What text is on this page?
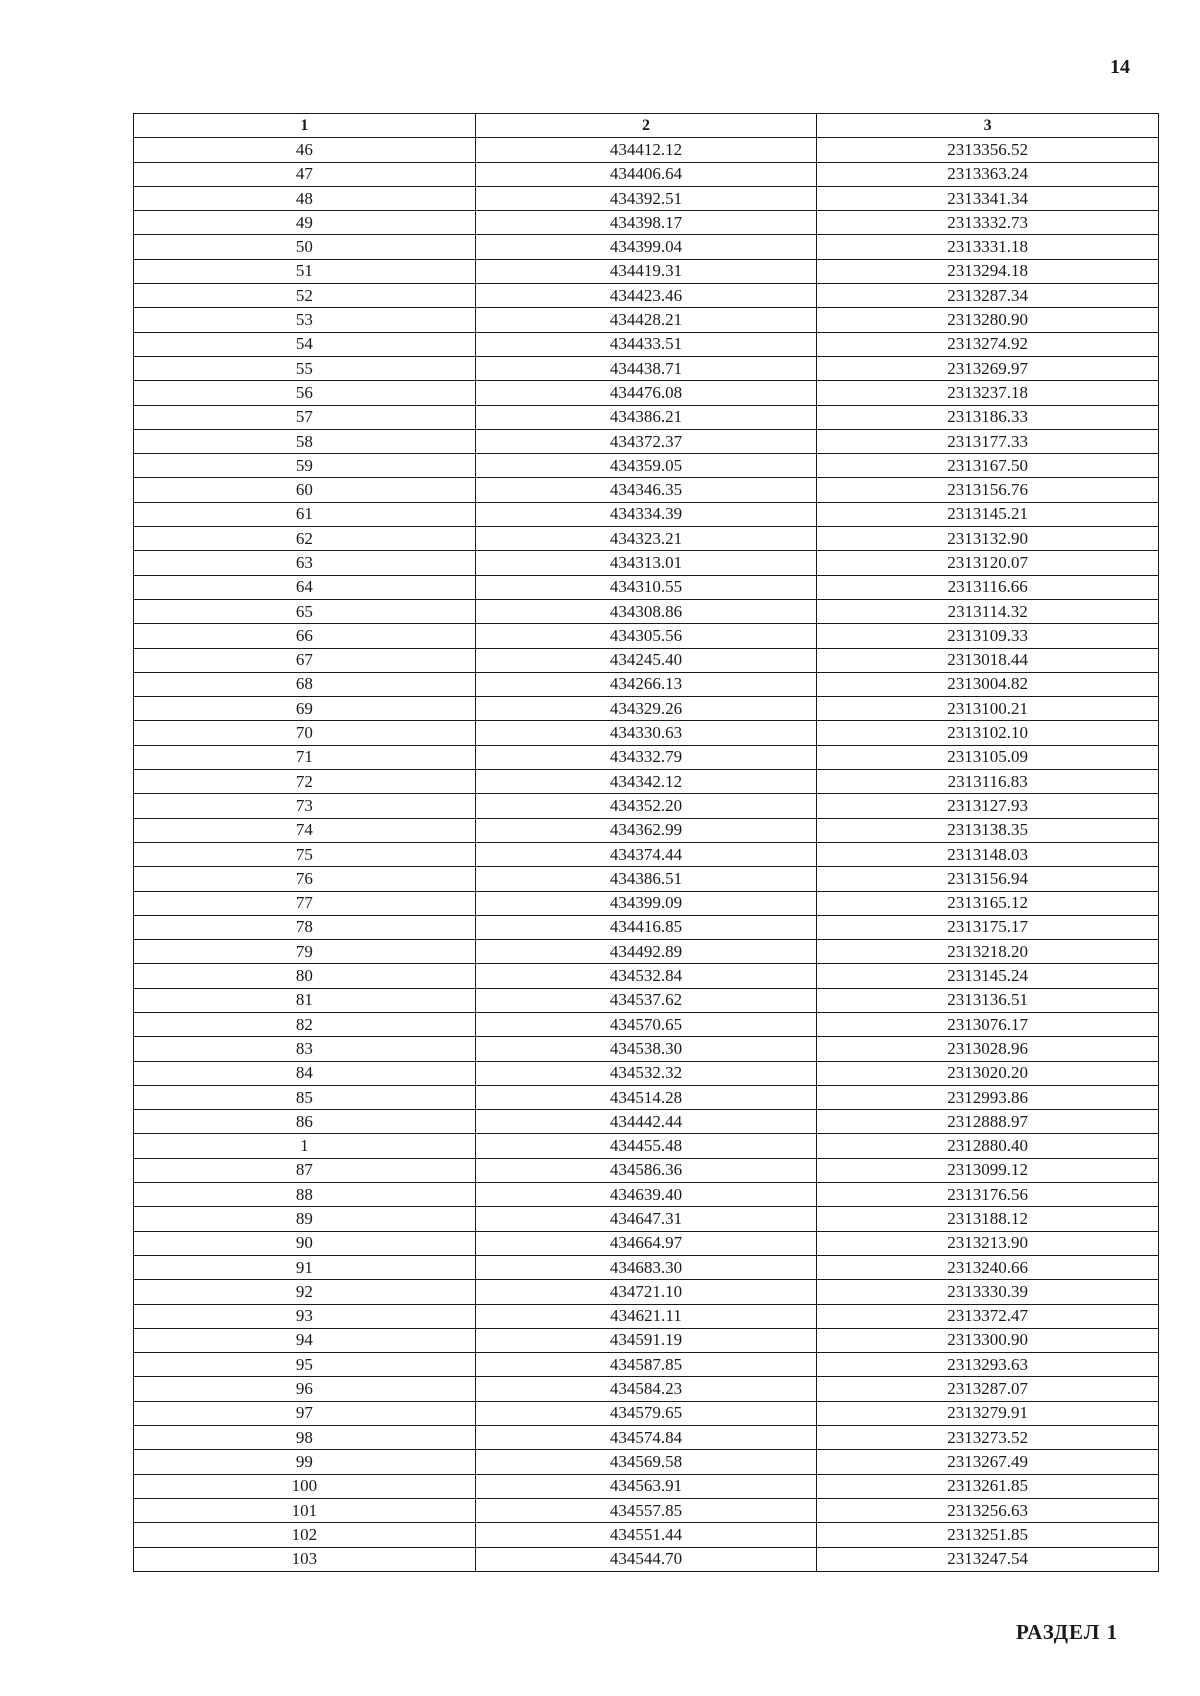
14
1	2	3
46	434412.12	2313356.52
47	434406.64	2313363.24
48	434392.51	2313341.34
49	434398.17	2313332.73
50	434399.04	2313331.18
51	434419.31	2313294.18
52	434423.46	2313287.34
53	434428.21	2313280.90
54	434433.51	2313274.92
55	434438.71	2313269.97
56	434476.08	2313237.18
57	434386.21	2313186.33
58	434372.37	2313177.33
59	434359.05	2313167.50
60	434346.35	2313156.76
61	434334.39	2313145.21
62	434323.21	2313132.90
63	434313.01	2313120.07
64	434310.55	2313116.66
65	434308.86	2313114.32
66	434305.56	2313109.33
67	434245.40	2313018.44
68	434266.13	2313004.82
69	434329.26	2313100.21
70	434330.63	2313102.10
71	434332.79	2313105.09
72	434342.12	2313116.83
73	434352.20	2313127.93
74	434362.99	2313138.35
75	434374.44	2313148.03
76	434386.51	2313156.94
77	434399.09	2313165.12
78	434416.85	2313175.17
79	434492.89	2313218.20
80	434532.84	2313145.24
81	434537.62	2313136.51
82	434570.65	2313076.17
83	434538.30	2313028.96
84	434532.32	2313020.20
85	434514.28	2312993.86
86	434442.44	2312888.97
1	434455.48	2312880.40
87	434586.36	2313099.12
88	434639.40	2313176.56
89	434647.31	2313188.12
90	434664.97	2313213.90
91	434683.30	2313240.66
92	434721.10	2313330.39
93	434621.11	2313372.47
94	434591.19	2313300.90
95	434587.85	2313293.63
96	434584.23	2313287.07
97	434579.65	2313279.91
98	434574.84	2313273.52
99	434569.58	2313267.49
100	434563.91	2313261.85
101	434557.85	2313256.63
102	434551.44	2313251.85
103	434544.70	2313247.54
РАЗДЕЛ 1
